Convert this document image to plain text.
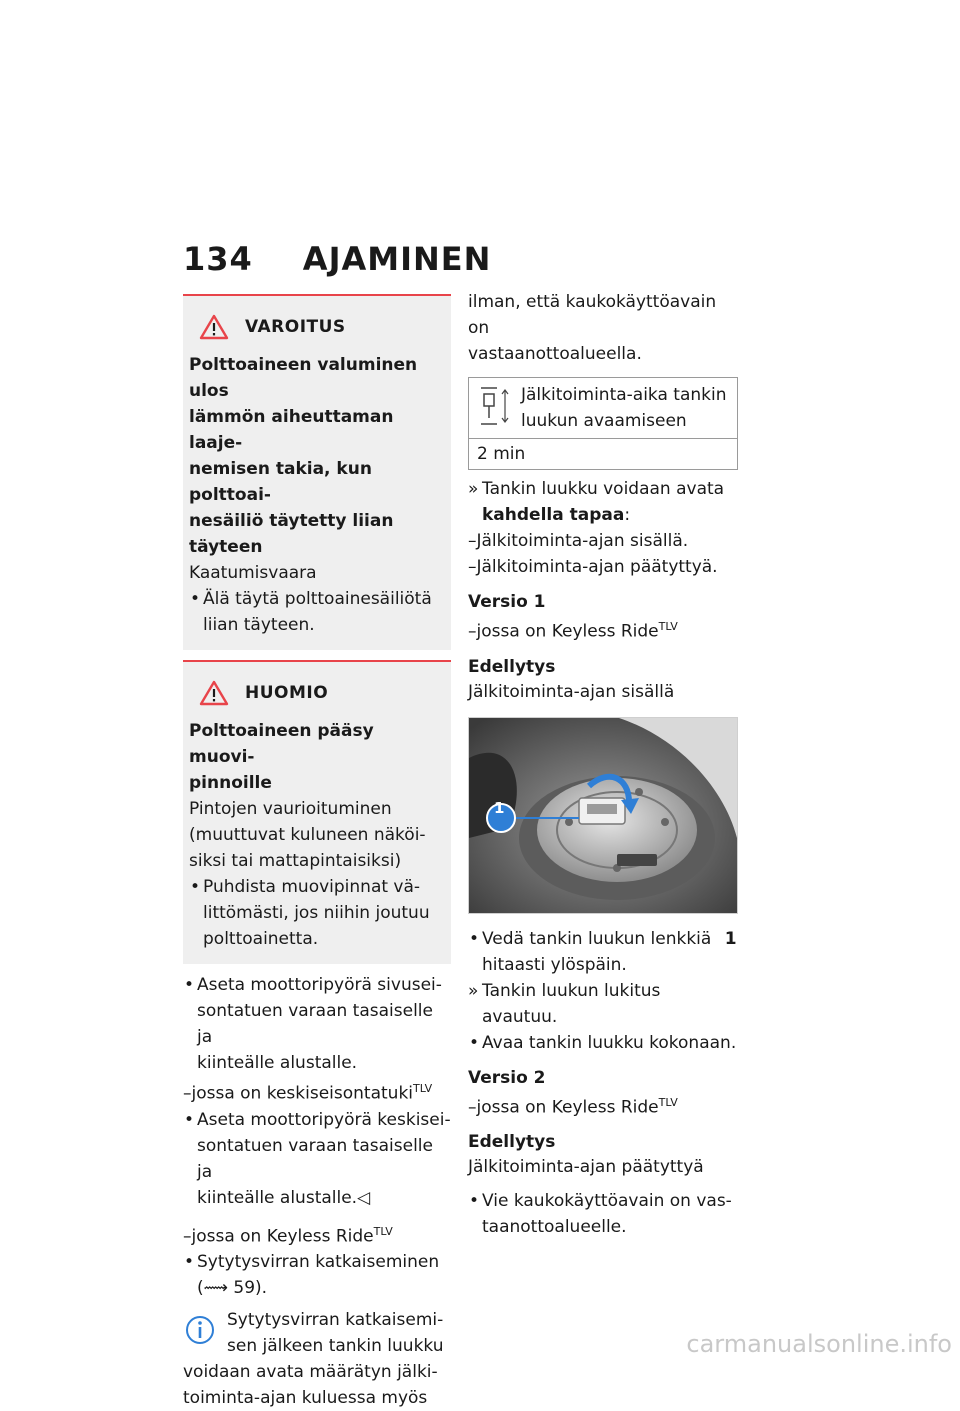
134 AJAMINEN
VAROITUS
Polttoaineen valuminen ulos
lämmön aiheuttaman laaje-
nemisen takia, kun polttoai-
nesäiliö täytetty liian täyteen
Kaatumisvaara
• Älä täytä polttoainesäiliötä
liian täyteen.
HUOMIO
Polttoaineen pääsy muovi-
pinnoille
Pintojen vaurioituminen
(muuttuvat kuluneen näköi-
siksi tai mattapintaisiksi)
• Puhdista muovipinnat vä-
littömästi, jos niihin joutuu
polttoainetta.
• Aseta moottoripyörä sivusei-
sontatuen varaan tasaiselle ja
kiinteälle alustalle.
–jossa on keskiseisontatuki$^{TLV}$
• Aseta moottoripyörä keskisei-
sontatuen varaan tasaiselle ja
kiinteälle alustalle.◁
–jossa on Keyless Ride$^{TLV}$
• Sytytysvirran katkaiseminen
(⟿ 59).
Sytytysvirran katkaisemi-
sen jälkeen tankin luukku
voidaan avata määrätyn jälki-
toiminta-ajan kuluessa myös
ilman, että kaukokäyttöavain on
vastaanottoalueella.
Jälkitoiminta-aika tankin
luukun avaamiseen
2 min
» Tankin luukku voidaan avata
kahdella tapaa:
–Jälkitoiminta-ajan sisällä.
–Jälkitoiminta-ajan päätyttyä.
Versio 1
–jossa on Keyless Ride$^{TLV}$
Edellytys
Jälkitoiminta-ajan sisällä
1
• Vedä tankin luukun lenkkiä 1
hitaasti ylöspäin.
» Tankin luukun lukitus avautuu.
• Avaa tankin luukku kokonaan.
Versio 2
–jossa on Keyless Ride$^{TLV}$
Edellytys
Jälkitoiminta-ajan päätyttyä
• Vie kaukokäyttöavain on vas-
taanottoalueelle.
carmanualsonline.info
